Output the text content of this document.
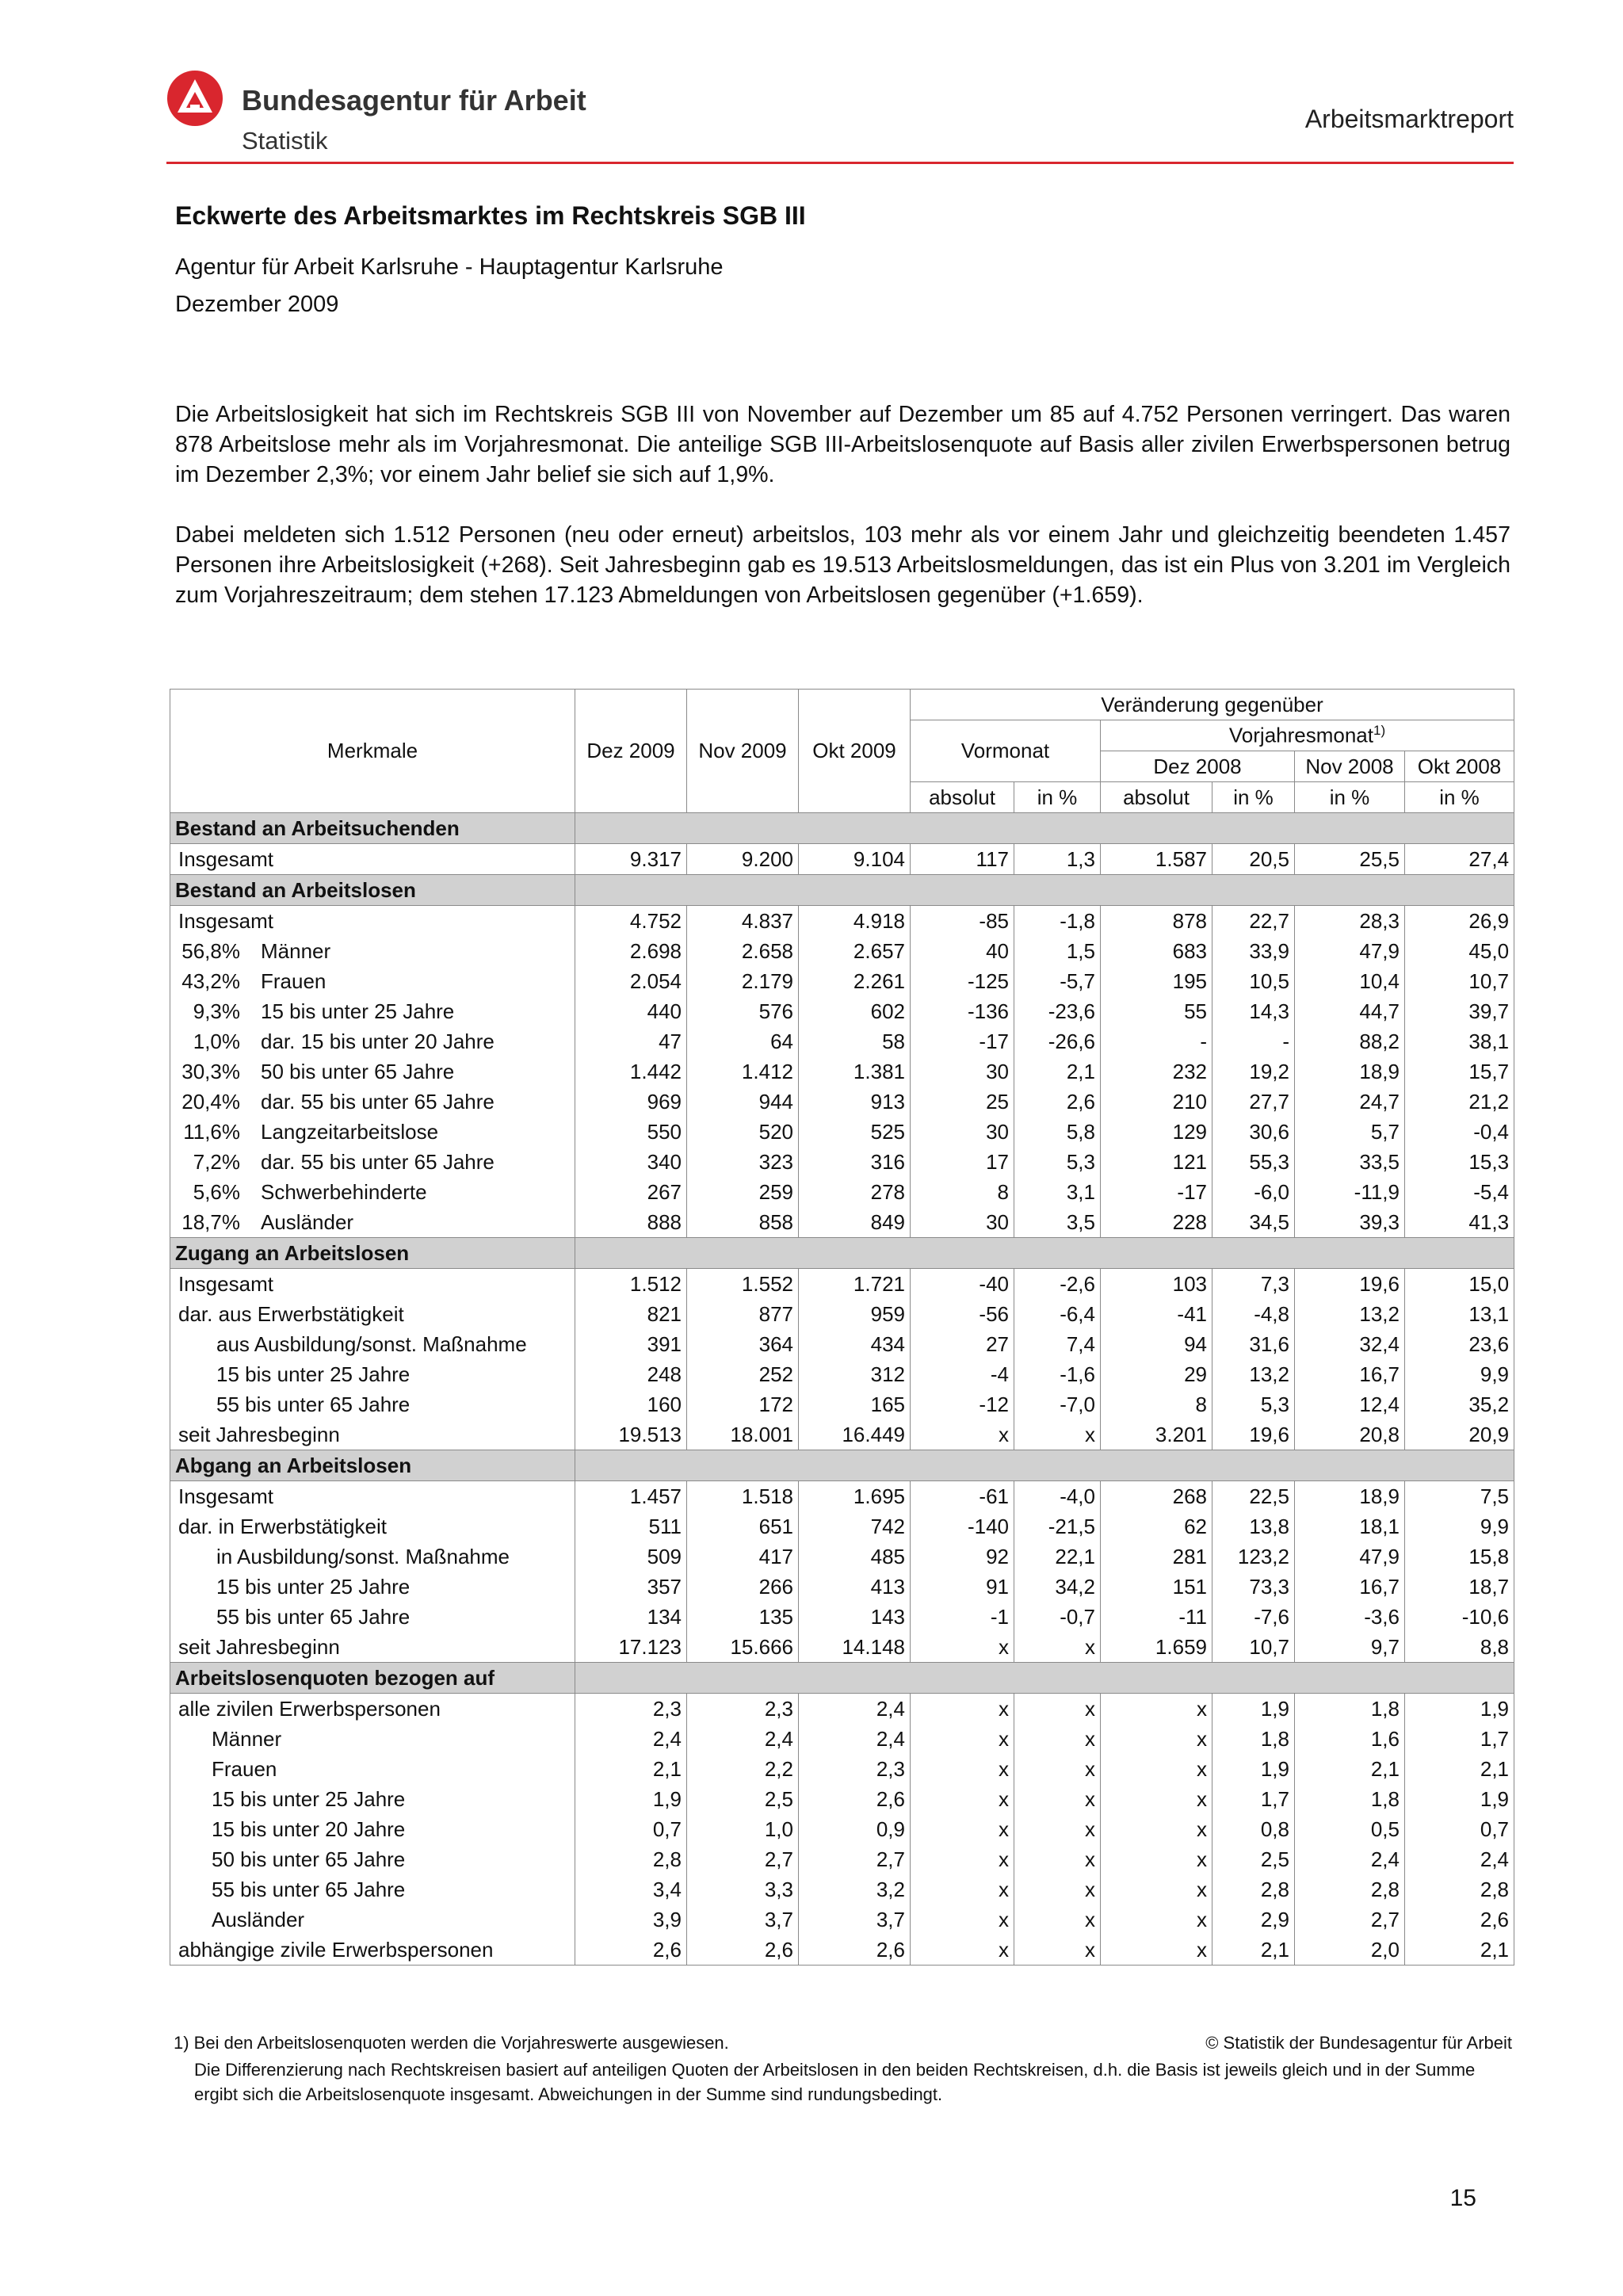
Bundesagentur für Arbeit
Statistik
Arbeitsmarktreport
Eckwerte des Arbeitsmarktes im Rechtskreis SGB III
Agentur für Arbeit Karlsruhe - Hauptagentur Karlsruhe
Dezember 2009

Die Arbeitslosigkeit hat sich im Rechtskreis SGB III von November auf Dezember um 85 auf 4.752 Personen verringert. Das waren 878 Arbeitslose mehr als im Vorjahresmonat. Die anteilige SGB III-Arbeitslosenquote auf Basis aller zivilen Erwerbspersonen betrug im Dezember 2,3%; vor einem Jahr belief sie sich auf 1,9%.

Dabei meldeten sich 1.512 Personen (neu oder erneut) arbeitslos, 103 mehr als vor einem Jahr und gleichzeitig beendeten 1.457 Personen ihre Arbeitslosigkeit (+268). Seit Jahresbeginn gab es 19.513 Arbeitslosmeldungen, das ist ein Plus von 3.201 im Vergleich zum Vorjahreszeitraum; dem stehen 17.123 Abmeldungen von Arbeitslosen gegenüber (+1.659).

Merkmale	Dez 2009	Nov 2009	Okt 2009	Veränderung gegenüber					
				Vormonat		Vorjahresmonat$^{1)}$
						Dez 2008		Nov 2008	Okt 2008
				absolut	in %	absolut	in %	in %	in %
Bestand an Arbeitsuchenden									
Insgesamt	9.317	9.200	9.104	117	1,3	1.587	20,5	25,5	27,4
Bestand an Arbeitslosen									
Insgesamt	4.752	4.837	4.918	-85	-1,8	878	22,7	28,3	26,9
56,8% Männer	2.698	2.658	2.657	40	1,5	683	33,9	47,9	45,0
43,2% Frauen	2.054	2.179	2.261	-125	-5,7	195	10,5	10,4	10,7
9,3% 15 bis unter 25 Jahre	440	576	602	-136	-23,6	55	14,3	44,7	39,7
1,0% dar. 15 bis unter 20 Jahre	47	64	58	-17	-26,6	-	-	88,2	38,1
30,3% 50 bis unter 65 Jahre	1.442	1.412	1.381	30	2,1	232	19,2	18,9	15,7
20,4% dar. 55 bis unter 65 Jahre	969	944	913	25	2,6	210	27,7	24,7	21,2
11,6% Langzeitarbeitslose	550	520	525	30	5,8	129	30,6	5,7	-0,4
7,2% dar. 55 bis unter 65 Jahre	340	323	316	17	5,3	121	55,3	33,5	15,3
5,6% Schwerbehinderte	267	259	278	8	3,1	-17	-6,0	-11,9	-5,4
18,7% Ausländer	888	858	849	30	3,5	228	34,5	39,3	41,3
Zugang an Arbeitslosen									
Insgesamt	1.512	1.552	1.721	-40	-2,6	103	7,3	19,6	15,0
dar. aus Erwerbstätigkeit	821	877	959	-56	-6,4	-41	-4,8	13,2	13,1
aus Ausbildung/sonst. Maßnahme	391	364	434	27	7,4	94	31,6	32,4	23,6
15 bis unter 25 Jahre	248	252	312	-4	-1,6	29	13,2	16,7	9,9
55 bis unter 65 Jahre	160	172	165	-12	-7,0	8	5,3	12,4	35,2
seit Jahresbeginn	19.513	18.001	16.449	x	x	3.201	19,6	20,8	20,9
Abgang an Arbeitslosen									
Insgesamt	1.457	1.518	1.695	-61	-4,0	268	22,5	18,9	7,5
dar. in Erwerbstätigkeit	511	651	742	-140	-21,5	62	13,8	18,1	9,9
in Ausbildung/sonst. Maßnahme	509	417	485	92	22,1	281	123,2	47,9	15,8
15 bis unter 25 Jahre	357	266	413	91	34,2	151	73,3	16,7	18,7
55 bis unter 65 Jahre	134	135	143	-1	-0,7	-11	-7,6	-3,6	-10,6
seit Jahresbeginn	17.123	15.666	14.148	x	x	1.659	10,7	9,7	8,8
Arbeitslosenquoten bezogen auf									
alle zivilen Erwerbspersonen	2,3	2,3	2,4	x	x	x	1,9	1,8	1,9
Männer	2,4	2,4	2,4	x	x	x	1,8	1,6	1,7
Frauen	2,1	2,2	2,3	x	x	x	1,9	2,1	2,1
15 bis unter 25 Jahre	1,9	2,5	2,6	x	x	x	1,7	1,8	1,9
15 bis unter 20 Jahre	0,7	1,0	0,9	x	x	x	0,8	0,5	0,7
50 bis unter 65 Jahre	2,8	2,7	2,7	x	x	x	2,5	2,4	2,4
55 bis unter 65 Jahre	3,4	3,3	3,2	x	x	x	2,8	2,8	2,8
Ausländer	3,9	3,7	3,7	x	x	x	2,9	2,7	2,6
abhängige zivile Erwerbspersonen	2,6	2,6	2,6	x	x	x	2,1	2,0	2,1
1) Bei den Arbeitslosenquoten werden die Vorjahreswerte ausgewiesen.	© Statistik der Bundesagentur für Arbeit
Die Differenzierung nach Rechtskreisen basiert auf anteiligen Quoten der Arbeitslosen in den beiden Rechtskreisen, d.h. die Basis ist jeweils gleich und in der Summe ergibt sich die Arbeitslosenquote insgesamt. Abweichungen in der Summe sind rundungsbedingt.
15
